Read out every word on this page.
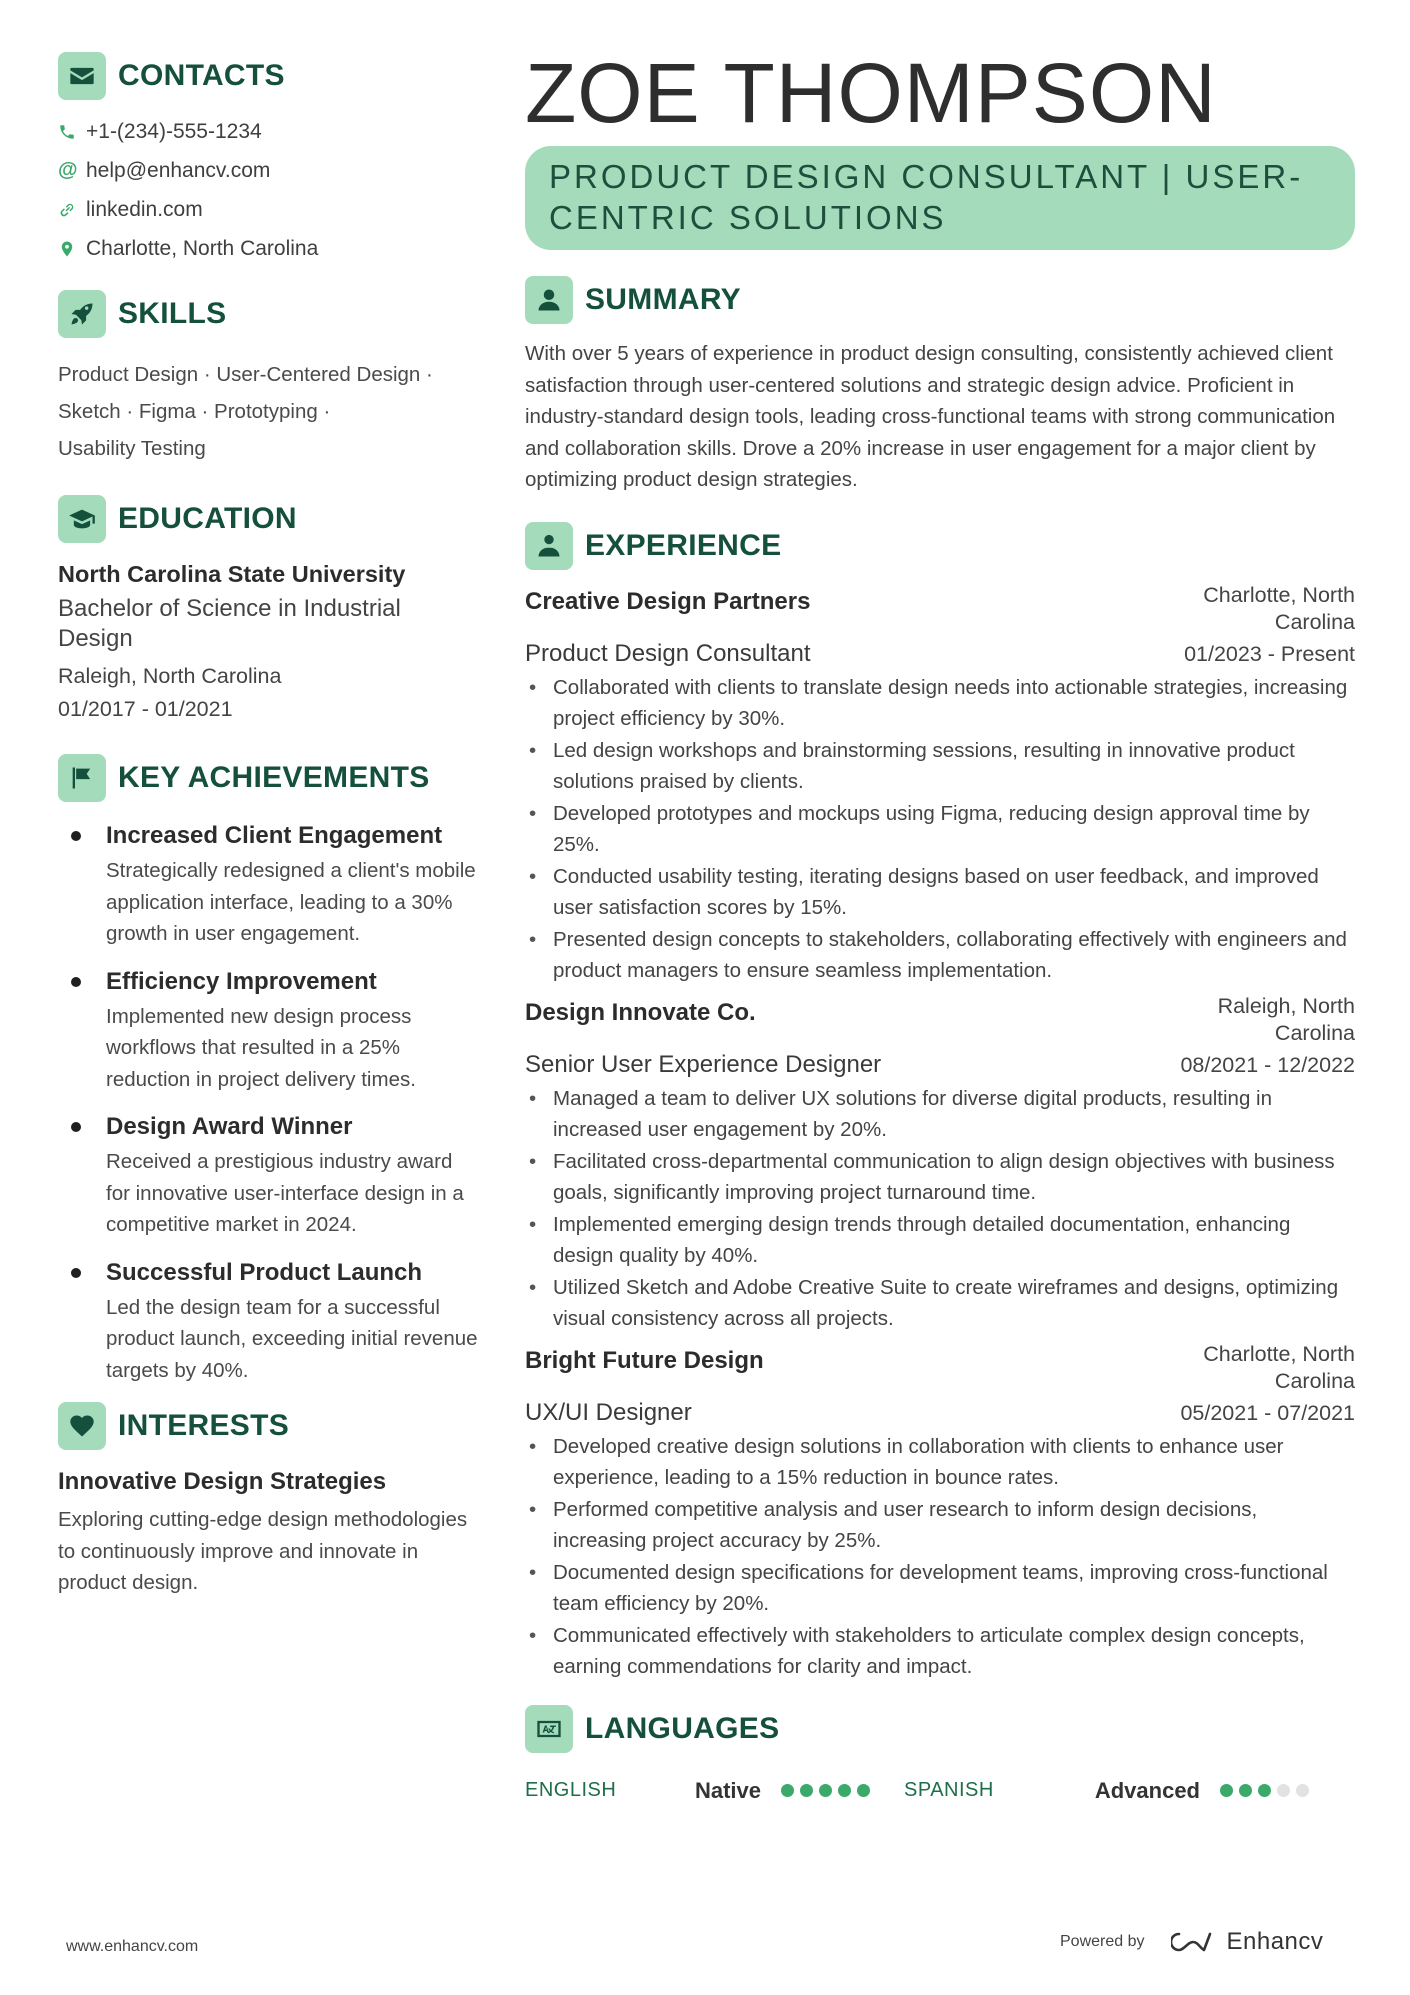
CONTACTS
+1-(234)-555-1234
@ help@enhancv.com
linkedin.com
Charlotte, North Carolina
SKILLS
Product Design · User-Centered Design ·
Sketch · Figma · Prototyping ·
Usability Testing
EDUCATION
North Carolina State University
Bachelor of Science in Industrial Design
Raleigh, North Carolina
01/2017 - 01/2021
KEY ACHIEVEMENTS
Increased Client Engagement
Strategically redesigned a client's mobile application interface, leading to a 30% growth in user engagement.
Efficiency Improvement
Implemented new design process workflows that resulted in a 25% reduction in project delivery times.
Design Award Winner
Received a prestigious industry award for innovative user-interface design in a competitive market in 2024.
Successful Product Launch
Led the design team for a successful product launch, exceeding initial revenue targets by 40%.
INTERESTS
Innovative Design Strategies
Exploring cutting-edge design methodologies to continuously improve and innovate in product design.
ZOE THOMPSON
PRODUCT DESIGN CONSULTANT | USER-CENTRIC SOLUTIONS
SUMMARY
With over 5 years of experience in product design consulting, consistently achieved client satisfaction through user-centered solutions and strategic design advice. Proficient in industry-standard design tools, leading cross-functional teams with strong communication and collaboration skills. Drove a 20% increase in user engagement for a major client by optimizing product design strategies.
EXPERIENCE
Creative Design Partners	Charlotte, North
Carolina
Product Design Consultant	01/2023 - Present
• Collaborated with clients to translate design needs into actionable strategies, increasing project efficiency by 30%.
• Led design workshops and brainstorming sessions, resulting in innovative product solutions praised by clients.
• Developed prototypes and mockups using Figma, reducing design approval time by 25%.
• Conducted usability testing, iterating designs based on user feedback, and improved user satisfaction scores by 15%.
• Presented design concepts to stakeholders, collaborating effectively with engineers and product managers to ensure seamless implementation.
Design Innovate Co.	Raleigh, North
Carolina
Senior User Experience Designer	08/2021 - 12/2022
• Managed a team to deliver UX solutions for diverse digital products, resulting in increased user engagement by 20%.
• Facilitated cross-departmental communication to align design objectives with business goals, significantly improving project turnaround time.
• Implemented emerging design trends through detailed documentation, enhancing design quality by 40%.
• Utilized Sketch and Adobe Creative Suite to create wireframes and designs, optimizing visual consistency across all projects.
Bright Future Design	Charlotte, North
Carolina
UX/UI Designer	05/2021 - 07/2021
• Developed creative design solutions in collaboration with clients to enhance user experience, leading to a 15% reduction in bounce rates.
• Performed competitive analysis and user research to inform design decisions, increasing project accuracy by 25%.
• Documented design specifications for development teams, improving cross-functional team efficiency by 20%.
• Communicated effectively with stakeholders to articulate complex design concepts, earning commendations for clarity and impact.
LANGUAGES
ENGLISH	Native	SPANISH	Advanced
www.enhancv.com	Powered by	Enhancv
